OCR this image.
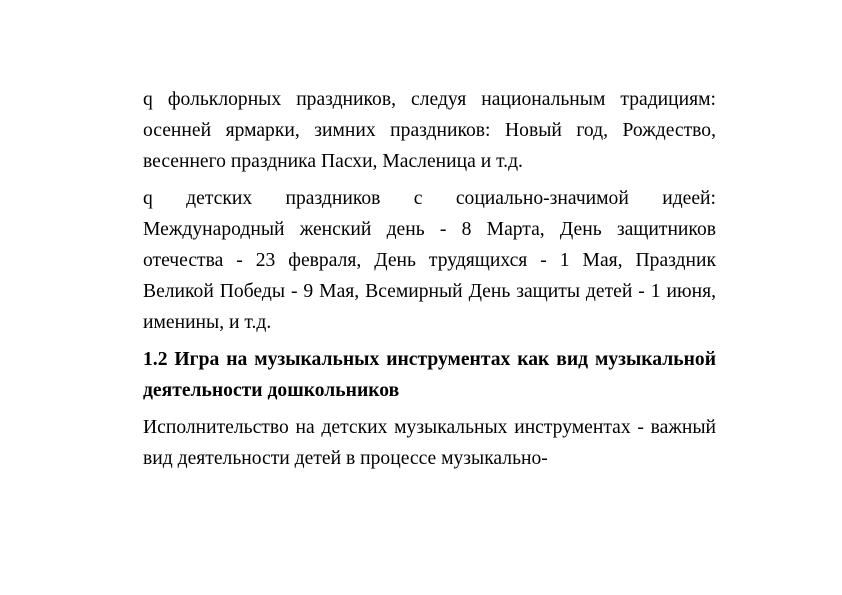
q фольклорных праздников, следуя национальным традициям: осенней ярмарки, зимних праздников: Новый год, Рождество, весеннего праздника Пасхи, Масленица и т.д.

q детских праздников с социально-значимой идеей: Международный женский день - 8 Марта, День защитников отечества - 23 февраля, День трудящихся - 1 Мая, Праздник Великой Победы - 9 Мая, Всемирный День защиты детей - 1 июня, именины, и т.д.

1.2 Игра на музыкальных инструментах как вид музыкальной деятельности дошкольников

Исполнительство на детских музыкальных инструментах - важный вид деятельности детей в процессе музыкально-
